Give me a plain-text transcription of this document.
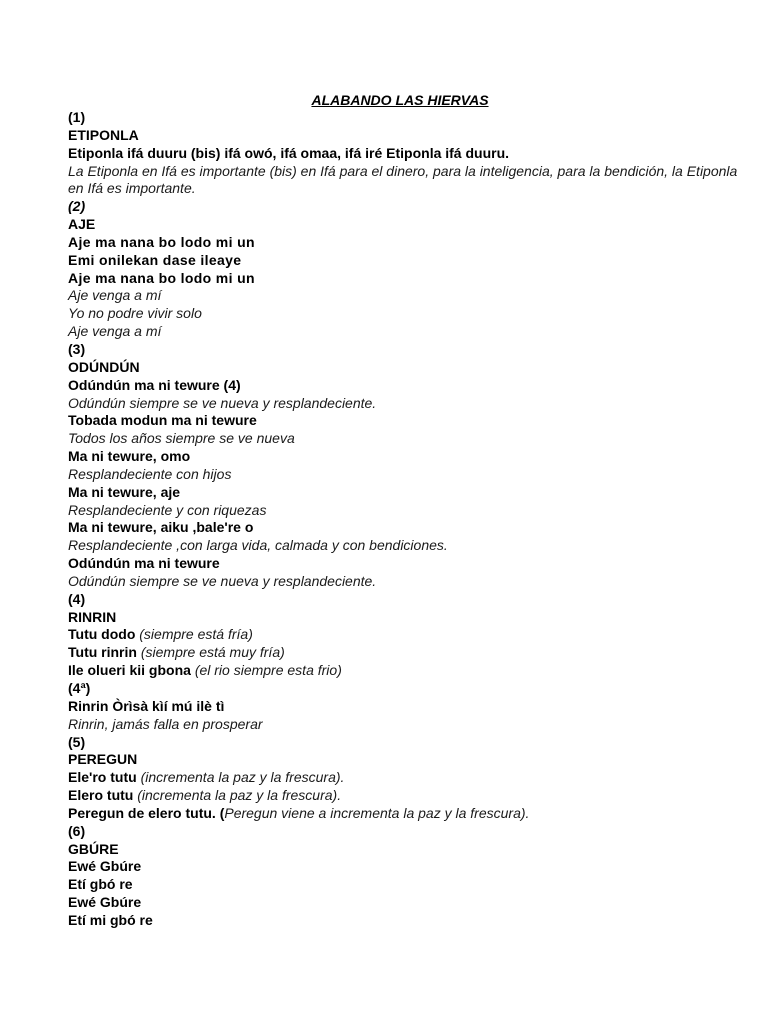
ALABANDO LAS HIERVAS
(1)
ETIPONLA
Etiponla ifá duuru (bis) ifá owó, ifá omaa, ifá iré Etiponla ifá duuru.
La Etiponla en Ifá es importante (bis) en Ifá para el dinero, para la inteligencia, para la bendición, la Etiponla en Ifá es importante.
(2)
AJE
Aje ma nana bo lodo mi un
Emi onilekan dase ileaye
Aje ma nana bo lodo mi un
Aje venga a mí
Yo no podre vivir solo
Aje venga a mí
(3)
ODÚNDÚN
Odúndún ma ni tewure (4)
Odúndún siempre se ve nueva y resplandeciente.
Tobada modun ma ni tewure
Todos los años siempre se ve nueva
Ma ni tewure, omo
Resplandeciente con hijos
Ma ni tewure, aje
Resplandeciente y con riquezas
Ma ni tewure, aiku ,bale're o
Resplandeciente ,con larga vida, calmada y con bendiciones.
Odúndún ma ni tewure
Odúndún siempre se ve nueva y resplandeciente.
(4)
RINRIN
Tutu dodo (siempre está fría)
Tutu rinrin (siempre está muy fría)
Ile olueri kii gbona (el rio siempre esta frio)
(4ª)
Rinrin Òrìsà kìí mú ilè tì
Rinrin, jamás falla en prosperar
(5)
PEREGUN
Ele'ro tutu (incrementa la paz y la frescura).
Elero tutu (incrementa la paz y la frescura).
Peregun de elero tutu. (Peregun viene a incrementa la paz y la frescura).
(6)
GBÚRE
Ewé Gbúre
Etí gbó re
Ewé Gbúre
Etí mi gbó re
